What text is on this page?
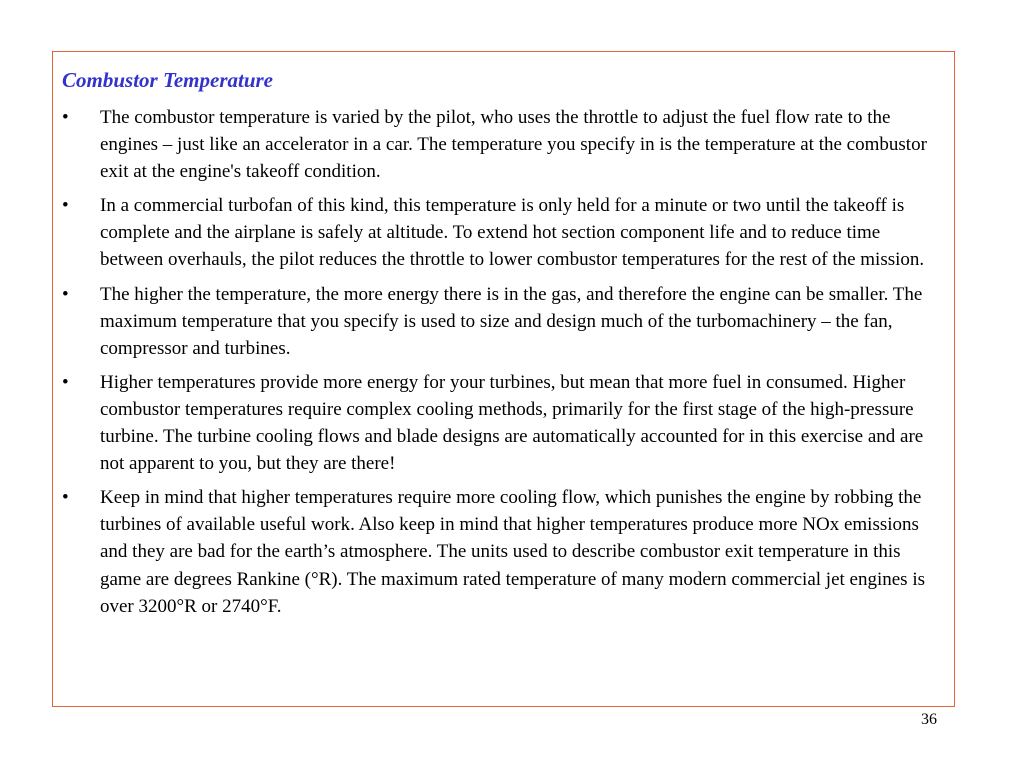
Combustor Temperature
• The combustor temperature is varied by the pilot, who uses the throttle to adjust the fuel flow rate to the engines – just like an accelerator in a car. The temperature you specify in is the temperature at the combustor exit at the engine's takeoff condition.
• In a commercial turbofan of this kind, this temperature is only held for a minute or two until the takeoff is complete and the airplane is safely at altitude. To extend hot section component life and to reduce time between overhauls, the pilot reduces the throttle to lower combustor temperatures for the rest of the mission.
• The higher the temperature, the more energy there is in the gas, and therefore the engine can be smaller. The maximum temperature that you specify is used to size and design much of the turbomachinery – the fan, compressor and turbines.
• Higher temperatures provide more energy for your turbines, but mean that more fuel in consumed. Higher combustor temperatures require complex cooling methods, primarily for the first stage of the high-pressure turbine. The turbine cooling flows and blade designs are automatically accounted for in this exercise and are not apparent to you, but they are there!
• Keep in mind that higher temperatures require more cooling flow, which punishes the engine by robbing the turbines of available useful work. Also keep in mind that higher temperatures produce more NOx emissions and they are bad for the earth’s atmosphere. The units used to describe combustor exit temperature in this game are degrees Rankine (°R). The maximum rated temperature of many modern commercial jet engines is over 3200°R or 2740°F.
36
